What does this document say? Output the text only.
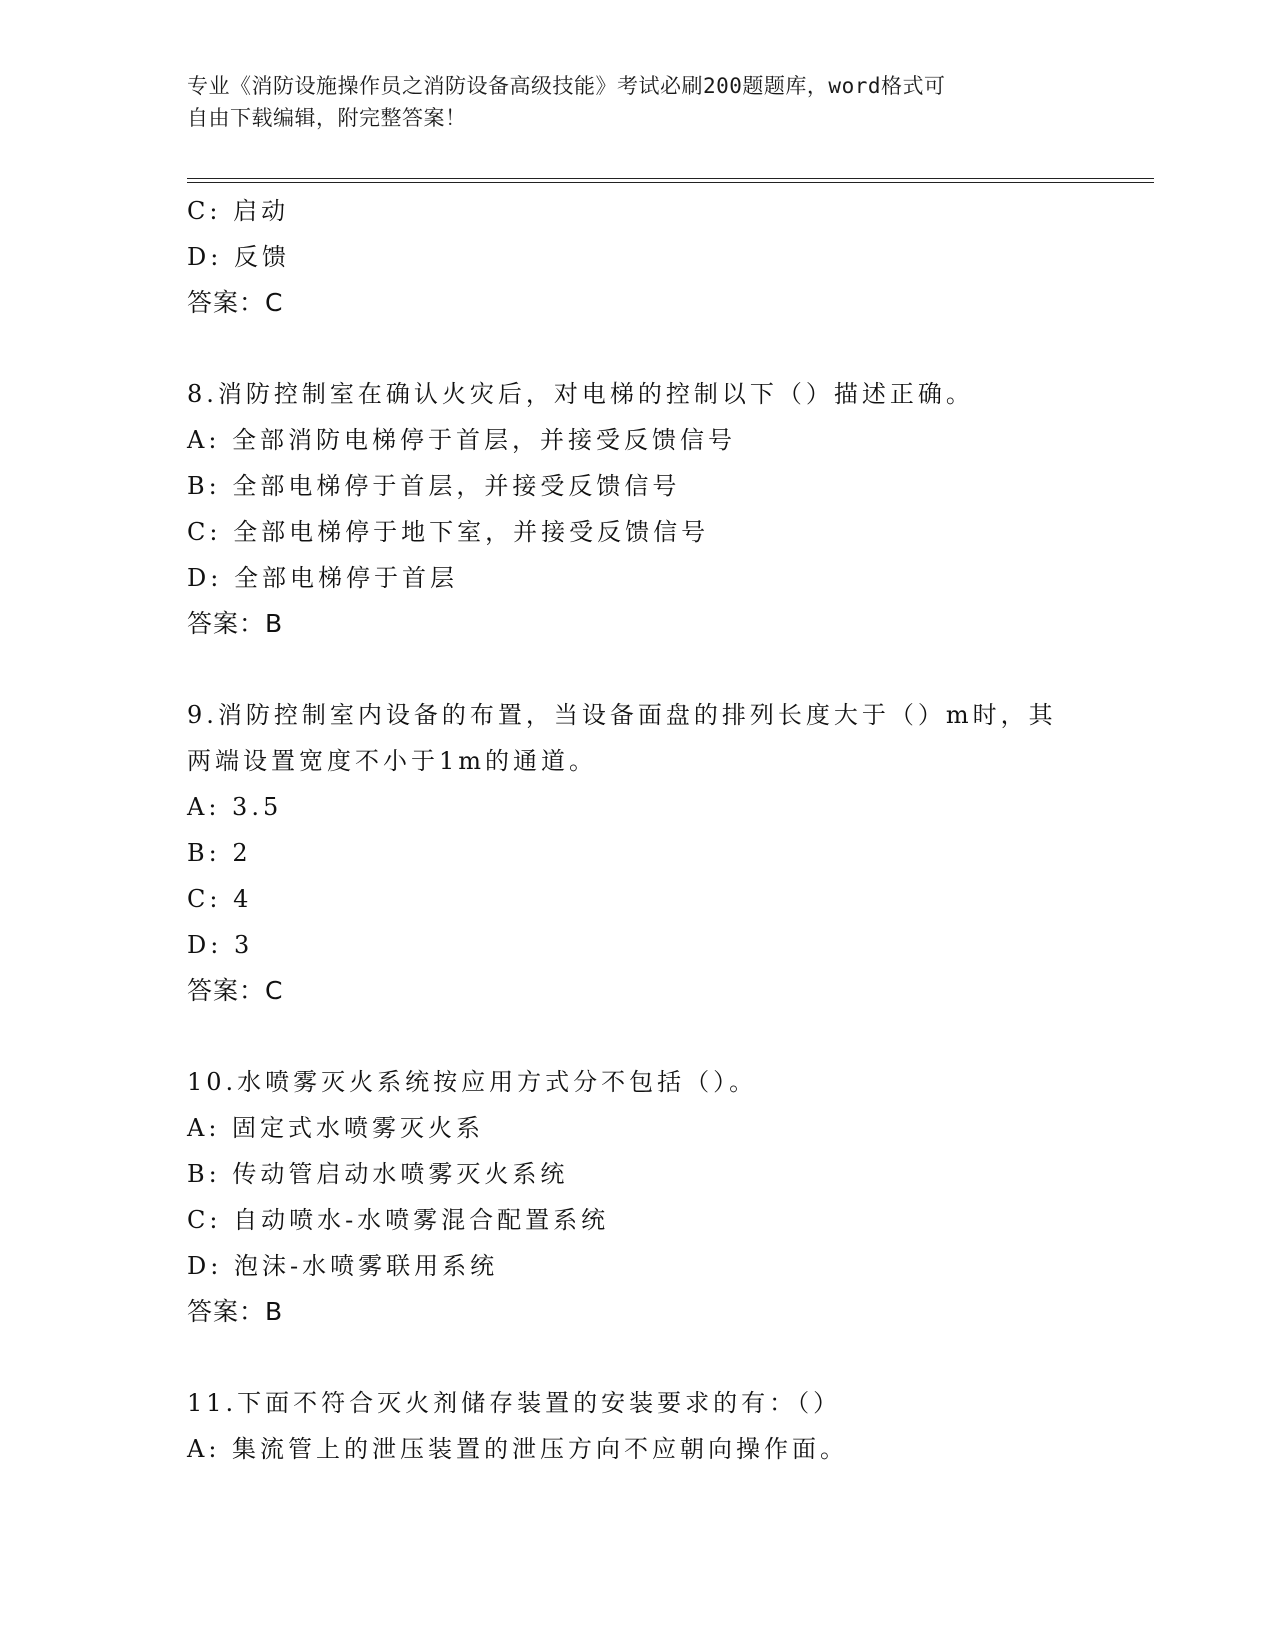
专业《消防设施操作员之消防设备高级技能》考试必刷200题题库，word格式可
自由下载编辑，附完整答案！
C: 启动
D: 反馈
答案：C
8.消防控制室在确认火灾后，对电梯的控制以下（）描述正确。
A: 全部消防电梯停于首层，并接受反馈信号
B: 全部电梯停于首层，并接受反馈信号
C: 全部电梯停于地下室，并接受反馈信号
D: 全部电梯停于首层
答案：B
9.消防控制室内设备的布置，当设备面盘的排列长度大于（）m时，其
两端设置宽度不小于1m的通道。
A: 3.5
B: 2
C: 4
D: 3
答案：C
10.水喷雾灭火系统按应用方式分不包括（）。
A: 固定式水喷雾灭火系
B: 传动管启动水喷雾灭火系统
C: 自动喷水-水喷雾混合配置系统
D: 泡沫-水喷雾联用系统
答案：B
11.下面不符合灭火剂储存装置的安装要求的有：（）
A: 集流管上的泄压装置的泄压方向不应朝向操作面。
